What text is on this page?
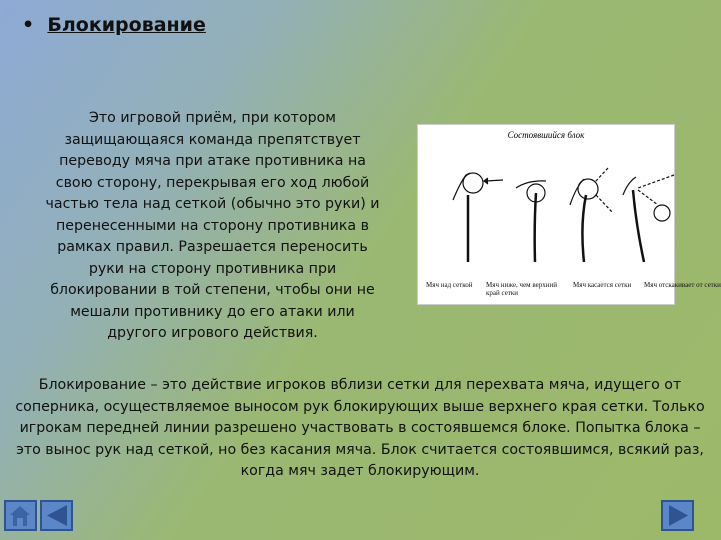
• Блокирование
Это игровой приём, при котором защищающаяся команда препятствует переводу мяча при атаке противника на свою сторону, перекрывая его ход любой частью тела над сеткой (обычно это руки) и перенесенными на сторону противника в рамках правил. Разрешается переносить руки на сторону противника при блокировании в той степени, чтобы они не мешали противнику до его атаки или другого игрового действия.
Состоявшийся блок
Мяч над сеткой	Мяч ниже, чем верхний край сетки
Мяч касается сетки	Мяч отскакивает от сетки
Блокирование – это действие игроков вблизи сетки для перехвата мяча, идущего от соперника, осуществляемое выносом рук блокирующих выше верхнего края сетки. Только игрокам передней линии разрешено участвовать в состоявшемся блоке. Попытка блока – это вынос рук над сеткой, но без касания мяча. Блок считается состоявшимся, всякий раз, когда мяч задет блокирующим.
